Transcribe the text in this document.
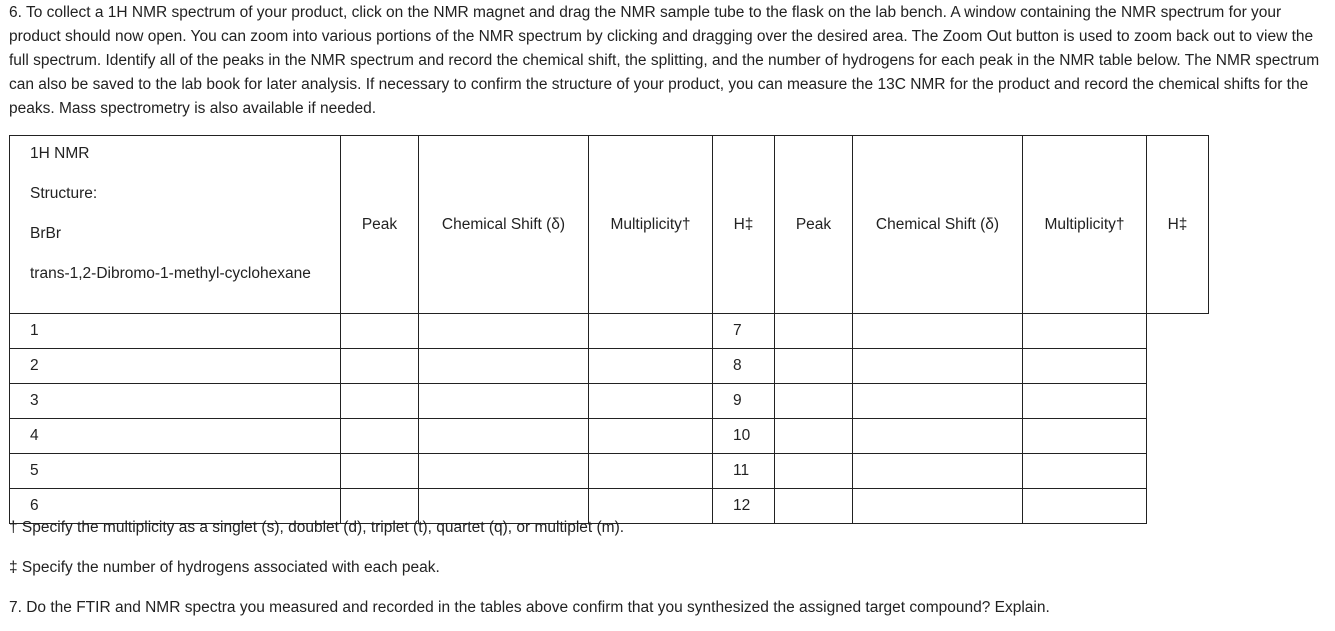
6. To collect a 1H NMR spectrum of your product, click on the NMR magnet and drag the NMR sample tube to the flask on the lab bench. A window containing the NMR spectrum for your product should now open. You can zoom into various portions of the NMR spectrum by clicking and dragging over the desired area. The Zoom Out button is used to zoom back out to view the full spectrum. Identify all of the peaks in the NMR spectrum and record the chemical shift, the splitting, and the number of hydrogens for each peak in the NMR table below. The NMR spectrum can also be saved to the lab book for later analysis. If necessary to confirm the structure of your product, you can measure the 13C NMR for the product and record the chemical shifts for the peaks. Mass spectrometry is also available if needed.

1H NMR
Structure:
BrBr
trans-1,2-Dibromo-1-methyl-cyclohexane	Peak	Chemical Shift (δ)	Multiplicity†	H‡	Peak	Chemical Shift (δ)	Multiplicity†	H‡
1				7				
2				8				
3				9				
4				10				
5				11				
6				12				

† Specify the multiplicity as a singlet (s), doublet (d), triplet (t), quartet (q), or multiplet (m).

‡ Specify the number of hydrogens associated with each peak.

7. Do the FTIR and NMR spectra you measured and recorded in the tables above confirm that you synthesized the assigned target compound? Explain.
